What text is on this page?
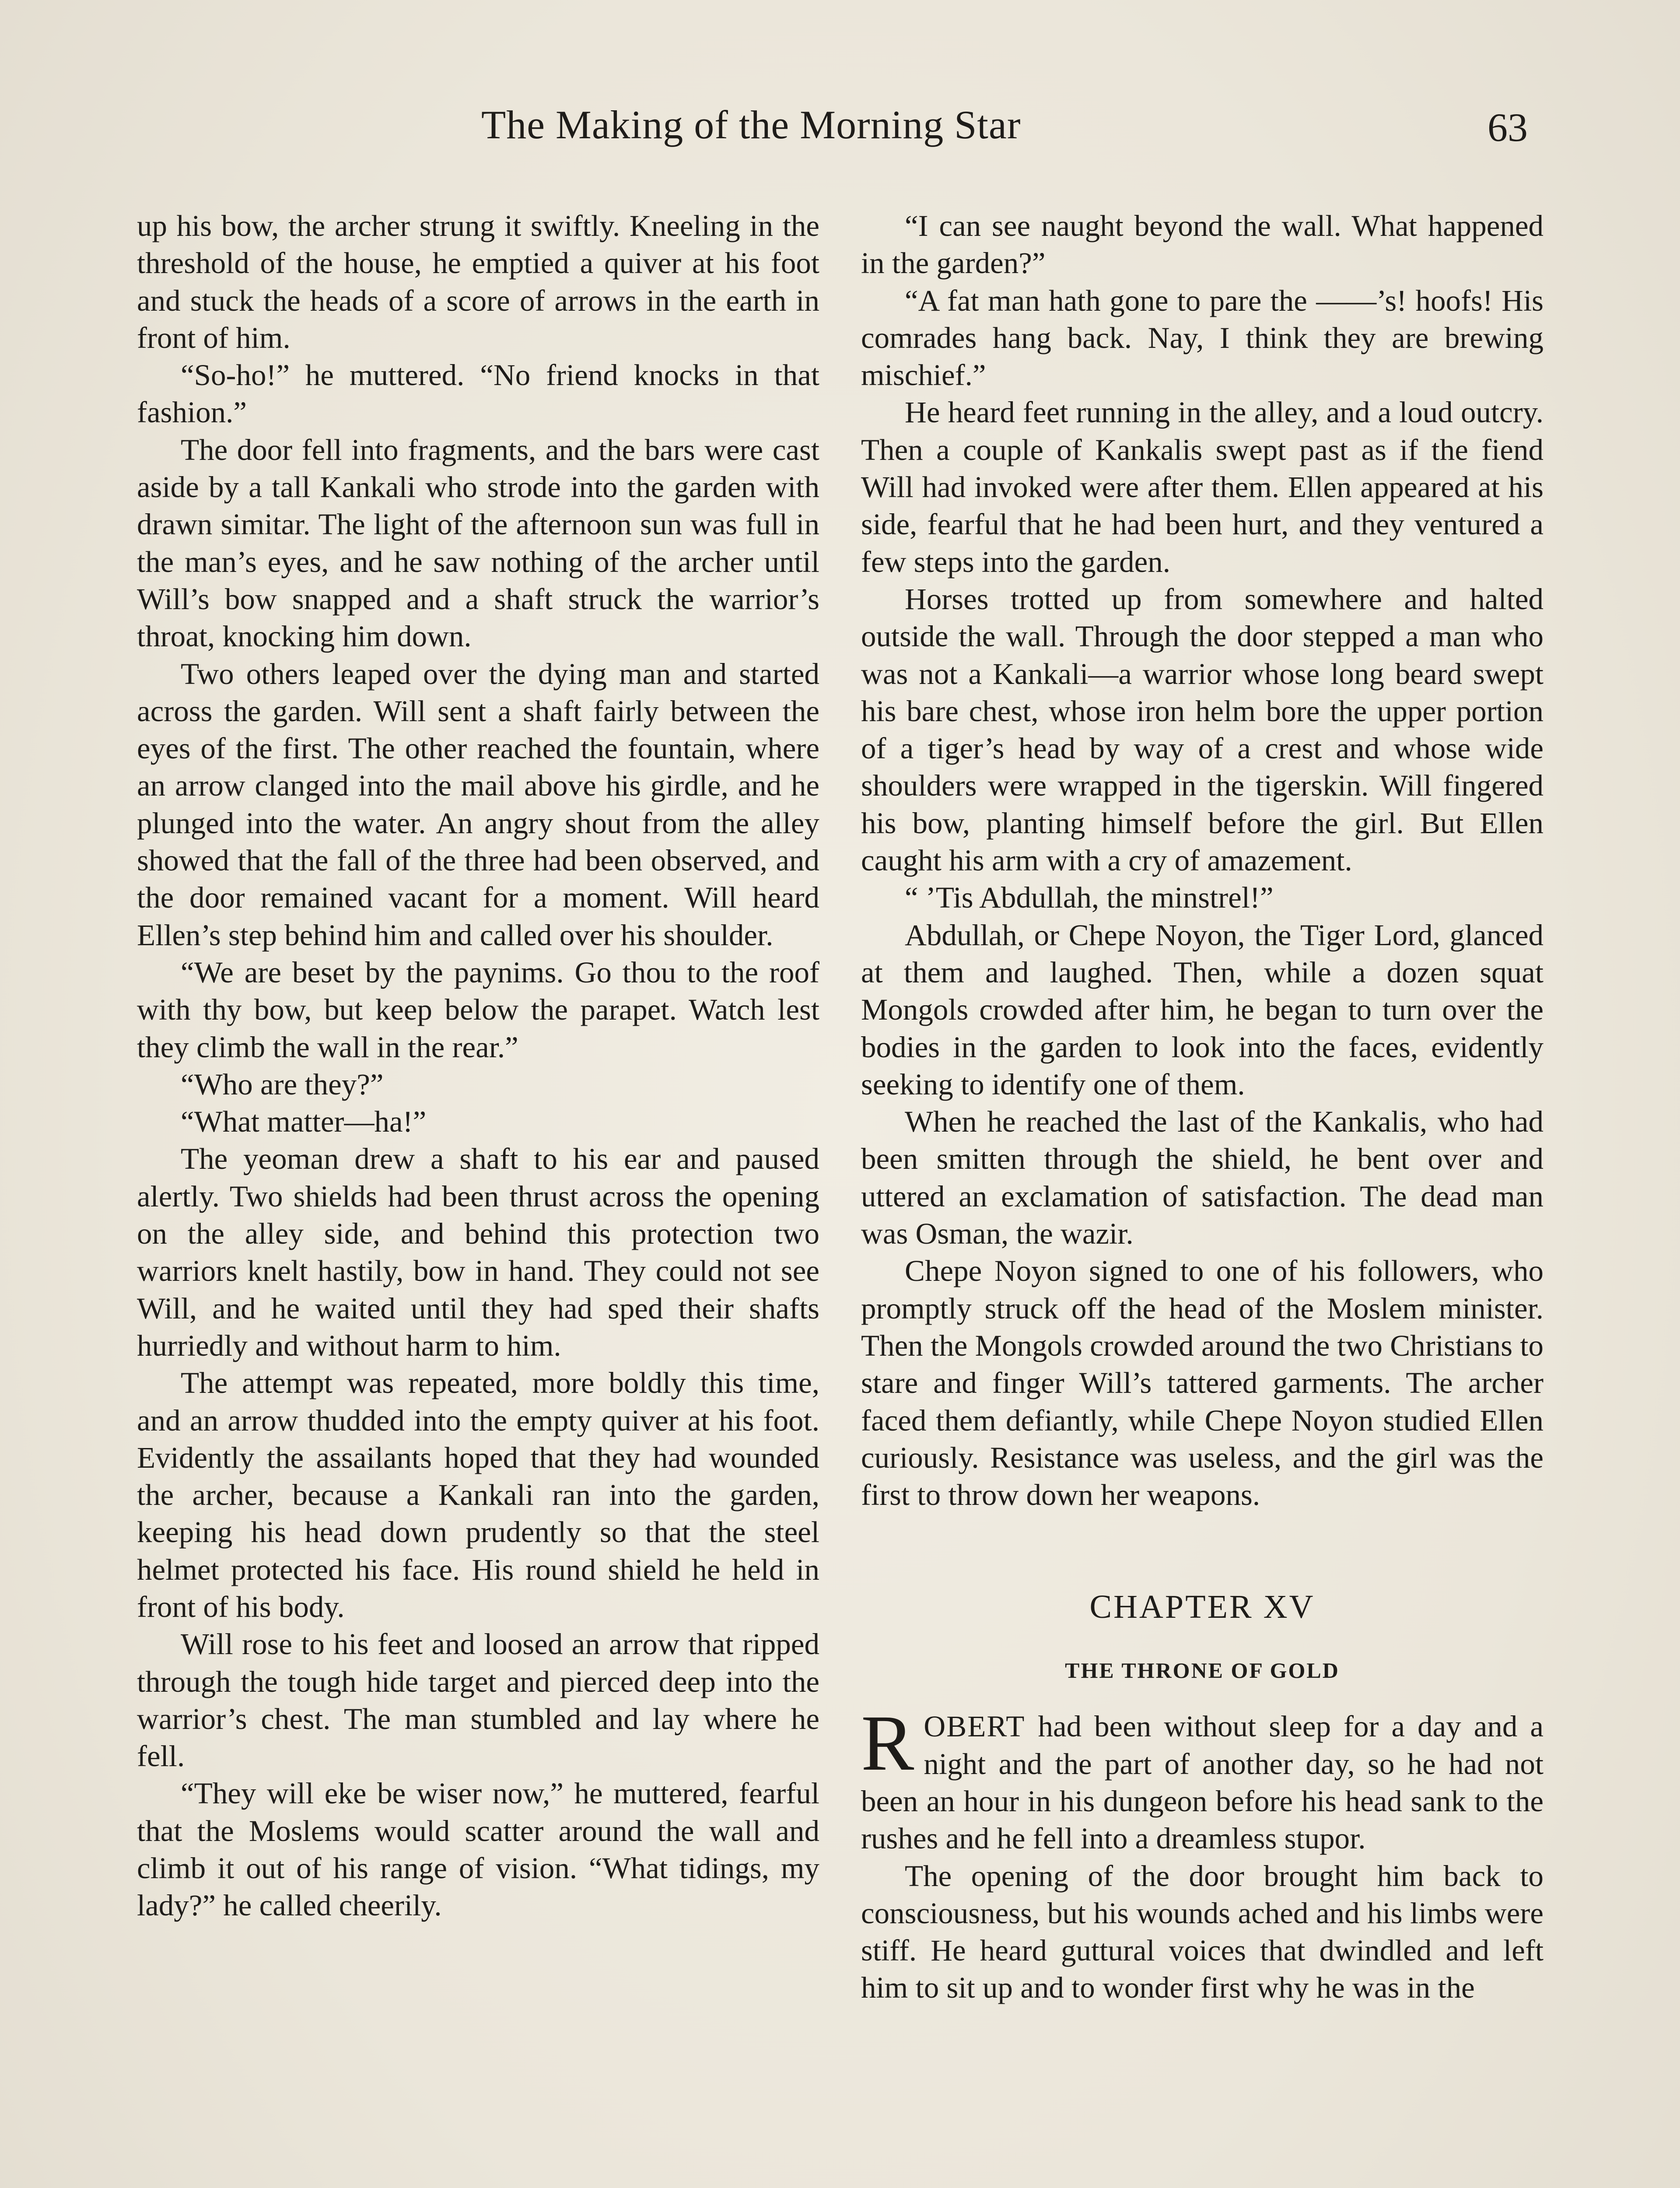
The Making of the Morning Star	63

up his bow, the archer strung it swiftly. Kneeling in the threshold of the house, he emptied a quiver at his foot and stuck the heads of a score of arrows in the earth in front of him.

“So-ho!” he muttered. “No friend knocks in that fashion.”

The door fell into fragments, and the bars were cast aside by a tall Kankali who strode into the garden with drawn simitar. The light of the afternoon sun was full in the man’s eyes, and he saw nothing of the archer until Will’s bow snapped and a shaft struck the warrior’s throat, knocking him down.

Two others leaped over the dying man and started across the garden. Will sent a shaft fairly between the eyes of the first. The other reached the fountain, where an arrow clanged into the mail above his girdle, and he plunged into the water. An angry shout from the alley showed that the fall of the three had been observed, and the door remained vacant for a moment. Will heard Ellen’s step behind him and called over his shoulder.

“We are beset by the paynims. Go thou to the roof with thy bow, but keep below the parapet. Watch lest they climb the wall in the rear.”

“Who are they?”

“What matter—ha!”

The yeoman drew a shaft to his ear and paused alertly. Two shields had been thrust across the opening on the alley side, and behind this protection two warriors knelt hastily, bow in hand. They could not see Will, and he waited until they had sped their shafts hurriedly and without harm to him.

The attempt was repeated, more boldly this time, and an arrow thudded into the empty quiver at his foot. Evidently the assailants hoped that they had wounded the archer, because a Kankali ran into the garden, keeping his head down prudently so that the steel helmet protected his face. His round shield he held in front of his body.

Will rose to his feet and loosed an arrow that ripped through the tough hide target and pierced deep into the warrior’s chest. The man stumbled and lay where he fell.

“They will eke be wiser now,” he muttered, fearful that the Moslems would scatter around the wall and climb it out of his range of vision. “What tidings, my lady?” he called cheerily.

“I can see naught beyond the wall. What happened in the garden?”

“A fat man hath gone to pare the ——’s! hoofs! His comrades hang back. Nay, I think they are brewing mischief.”

He heard feet running in the alley, and a loud outcry. Then a couple of Kankalis swept past as if the fiend Will had invoked were after them. Ellen appeared at his side, fearful that he had been hurt, and they ventured a few steps into the garden.

Horses trotted up from somewhere and halted outside the wall. Through the door stepped a man who was not a Kankali—a warrior whose long beard swept his bare chest, whose iron helm bore the upper portion of a tiger’s head by way of a crest and whose wide shoulders were wrapped in the tigerskin. Will fingered his bow, planting himself before the girl. But Ellen caught his arm with a cry of amazement.

“ ’Tis Abdullah, the minstrel!”

Abdullah, or Chepe Noyon, the Tiger Lord, glanced at them and laughed. Then, while a dozen squat Mongols crowded after him, he began to turn over the bodies in the garden to look into the faces, evidently seeking to identify one of them.

When he reached the last of the Kankalis, who had been smitten through the shield, he bent over and uttered an exclamation of satisfaction. The dead man was Osman, the wazir.

Chepe Noyon signed to one of his followers, who promptly struck off the head of the Moslem minister. Then the Mongols crowded around the two Christians to stare and finger Will’s tattered garments. The archer faced them defiantly, while Chepe Noyon studied Ellen curiously. Resistance was useless, and the girl was the first to throw down her weapons.

CHAPTER XV
THE THRONE OF GOLD

ROBERT had been without sleep for a day and a night and the part of another day, so he had not been an hour in his dungeon before his head sank to the rushes and he fell into a dreamless stupor.

The opening of the door brought him back to consciousness, but his wounds ached and his limbs were stiff. He heard guttural voices that dwindled and left him to sit up and to wonder first why he was in the
